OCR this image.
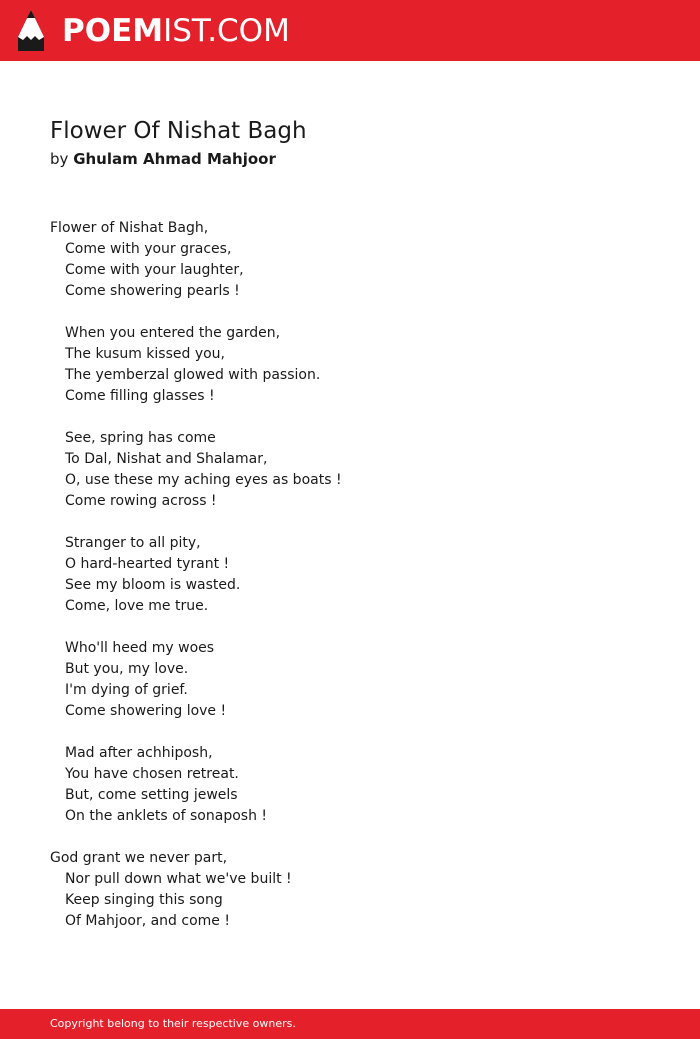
POEMIST.COM
Flower Of Nishat Bagh
by Ghulam Ahmad Mahjoor
Flower of Nishat Bagh,
Come with your graces,
Come with your laughter,
Come showering pearls !
When you entered the garden,
The kusum kissed you,
The yemberzal glowed with passion.
Come filling glasses !
See, spring has come
To Dal, Nishat and Shalamar,
O, use these my aching eyes as boats !
Come rowing across !
Stranger to all pity,
O hard-hearted tyrant !
See my bloom is wasted.
Come, love me true.
Who'll heed my woes
But you, my love.
I'm dying of grief.
Come showering love !
Mad after achhiposh,
You have chosen retreat.
But, come setting jewels
On the anklets of sonaposh !
God grant we never part,
Nor pull down what we've built !
Keep singing this song
Of Mahjoor, and come !
Copyright belong to their respective owners.
